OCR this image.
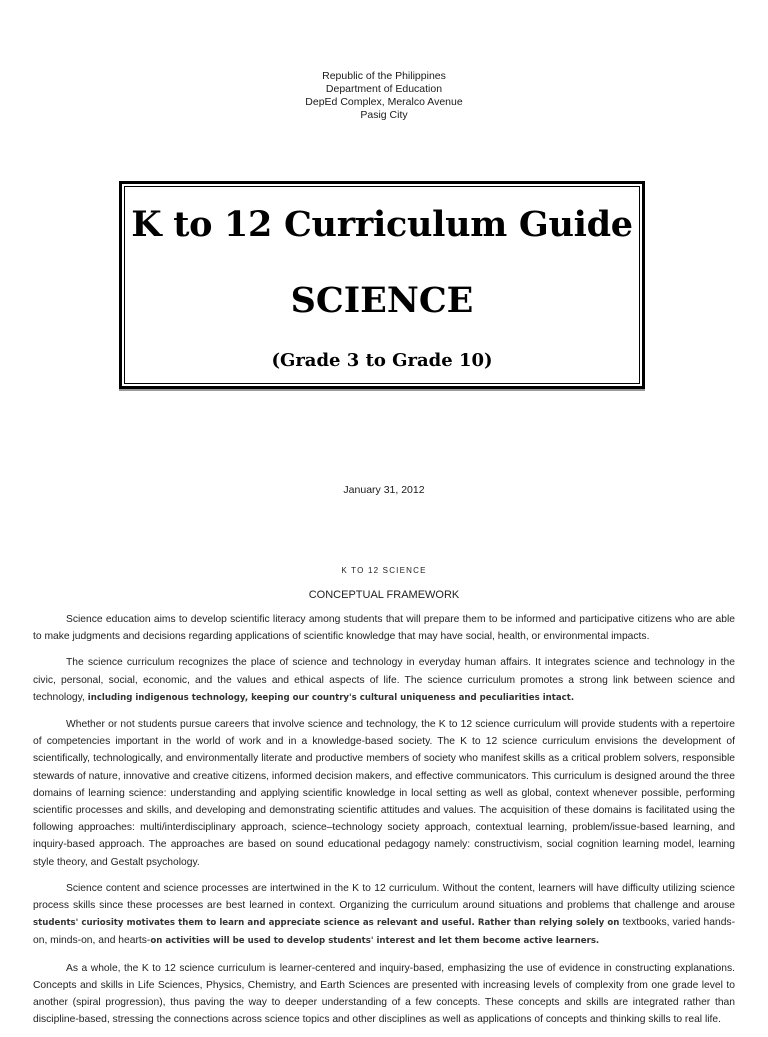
Republic of the Philippines
Department of Education
DepEd Complex, Meralco Avenue
Pasig City
K to 12 Curriculum Guide
SCIENCE
(Grade 3 to Grade 10)
January 31, 2012
K TO 12 SCIENCE
CONCEPTUAL FRAMEWORK

Science education aims to develop scientific literacy among students that will prepare them to be informed and participative citizens who are able to make judgments and decisions regarding applications of scientific knowledge that may have social, health, or environmental impacts.

The science curriculum recognizes the place of science and technology in everyday human affairs. It integrates science and technology in the civic, personal, social, economic, and the values and ethical aspects of life. The science curriculum promotes a strong link between science and technology, including indigenous technology, keeping our country's cultural uniqueness and peculiarities intact.

Whether or not students pursue careers that involve science and technology, the K to 12 science curriculum will provide students with a repertoire of competencies important in the world of work and in a knowledge-based society. The K to 12 science curriculum envisions the development of scientifically, technologically, and environmentally literate and productive members of society who manifest skills as a critical problem solvers, responsible stewards of nature, innovative and creative citizens, informed decision makers, and effective communicators. This curriculum is designed around the three domains of learning science: understanding and applying scientific knowledge in local setting as well as global, context whenever possible, performing scientific processes and skills, and developing and demonstrating scientific attitudes and values. The acquisition of these domains is facilitated using the following approaches: multi/interdisciplinary approach, science–technology society approach, contextual learning, problem/issue-based learning, and inquiry-based approach. The approaches are based on sound educational pedagogy namely: constructivism, social cognition learning model, learning style theory, and Gestalt psychology.

Science content and science processes are intertwined in the K to 12 curriculum. Without the content, learners will have difficulty utilizing science process skills since these processes are best learned in context. Organizing the curriculum around situations and problems that challenge and arouse students' curiosity motivates them to learn and appreciate science as relevant and useful. Rather than relying solely on textbooks, varied hands-on, minds-on, and hearts-on activities will be used to develop students' interest and let them become active learners.

As a whole, the K to 12 science curriculum is learner-centered and inquiry-based, emphasizing the use of evidence in constructing explanations. Concepts and skills in Life Sciences, Physics, Chemistry, and Earth Sciences are presented with increasing levels of complexity from one grade level to another (spiral progression), thus paving the way to deeper understanding of a few concepts. These concepts and skills are integrated rather than discipline-based, stressing the connections across science topics and other disciplines as well as applications of concepts and thinking skills to real life.
